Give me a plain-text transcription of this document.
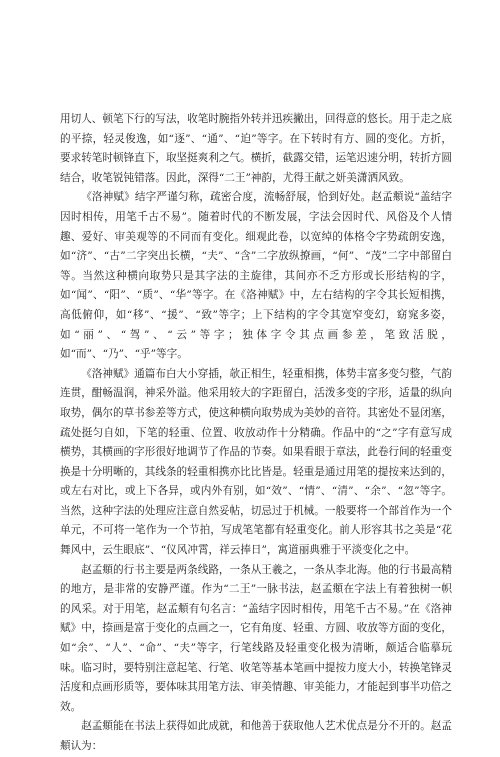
用切人、顿笔下行的写法，收笔时腕指外转并迅疾撇出，回得意的悠长。用于走之底的平捺，轻灵俊逸，如“逐”、“通”、“迫”等字。在下转时有方、圆的变化。方折，要求转笔时顿锋直下，取坚挺爽利之气。横折，截露交错，运笔迟速分明，转折方圆结合，收笔锐钝错落。因此，深得“二王”神韵，尤得王献之妍美潇洒风致。

《洛神赋》结字严谨匀称，疏密合度，流畅舒展，恰到好处。赵孟頫说“盖结字因时相传，用笔千古不易”。随着时代的不断发展，字法会因时代、风俗及个人情趣、爱好、审美观等的不同而有变化。细观此卷，以宽绰的体格令字势疏朗安逸，如“济”、“古”二字突出长横，“夫”、“含”二字放纵撩画，“何”、“茂”二字中部留白等。当然这种横向取势只是其字法的主旋律，其间亦不乏方形或长形结构的字，如“闻”、“阳”、“质”、“华”等字。在《洛神赋》中，左右结构的字令其长短相携，高低俯仰，如“移”、“援”、“致”等字；上下结构的字令其宽窄变幻，窈窕多姿，如“丽”、“驾”、“云”等字；独体字令其点画参差，笔致活脱，如“而”、“乃”、“乎”等字。

《洛神赋》通篇布白大小穿插，欹正相生，轻重相携，体势丰富多变匀整，气韵连贯，酣畅温润，神采外溢。他采用较大的字距留白，活泼多变的字形，适量的纵向取势，偶尔的草书参差等方式，使这种横向取势成为美妙的音符。其密处不显闭塞，疏处挺匀自如，下笔的轻重、位置、收放动作十分精确。作品中的“之”字有意写成横势，其横画的字形很好地调节了作品的节奏。如果看眼于章法，此卷行间的轻重变换是十分明晰的，其线条的轻重相携亦比比皆是。轻重是通过用笔的提按来达到的，或左右对比，或上下各异，或内外有别，如“效”、“情”、“清”、“余”、“忽”等字。当然，这种字法的处理应注意自然妥帖，切忌过于机械。一般要将一个部首作为一个单元，不可将一笔作为一个节拍，写成笔笔都有轻重变化。前人形容其书之美是“花舞风中，云生眼底”、“仪风冲霄，祥云捧日”，寓道丽典雅于平淡变化之中。

赵孟頫的行书主要是两条线路，一条从王羲之，一条从李北海。他的行书最高精的地方，是非常的安静严谨。作为“二王”一脉书法，赵孟頫在字法上有着独树一帜的风采。对于用笔，赵孟頫有句名言：“盖结字因时相传，用笔千古不易。”在《洛神赋》中，捺画是富于变化的点画之一，它有角度、轻重、方圆、收放等方面的变化，如“余”、“人”、“命”、“夫”等字，行笔线路及轻重变化极为清晰，颇适合临摹玩味。临习时，要特别注意起笔、行笔、收笔等基本笔画中提按力度大小，转换笔锋灵活度和点画形质等，要体味其用笔方法、审美情趣、审美能力，才能起到事半功倍之效。

赵孟頫能在书法上获得如此成就，和他善于获取他人艺术优点是分不开的。赵孟頫认为：
